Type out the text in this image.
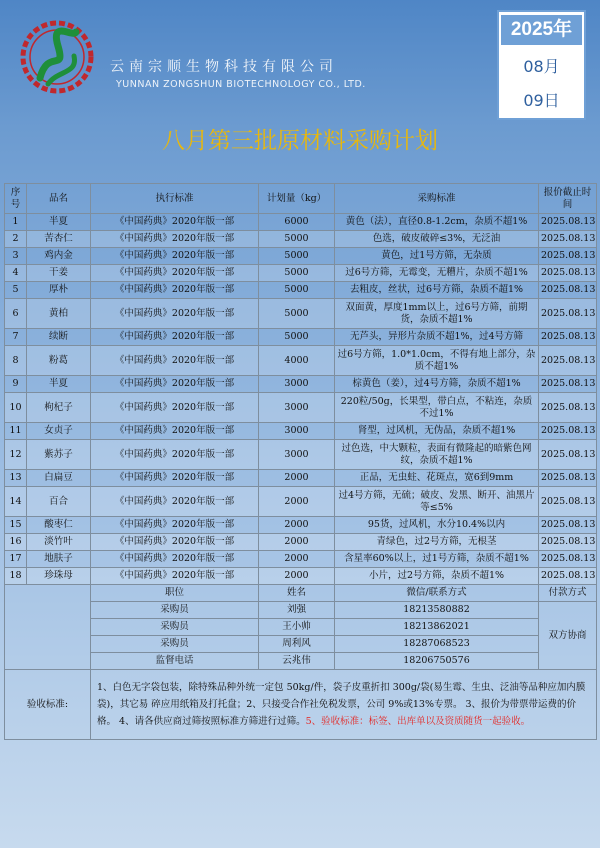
云南宗顺生物科技有限公司
YUNNAN ZONGSHUN BIOTECHNOLOGY CO., LTD.
2025年
08月
09日
八月第三批原材料采购计划
序号	品名	执行标准	计划量（kg）	采购标准	报价截止时间
1	半夏	《中国药典》2020年版一部	6000	黄色（法），直径0.8-1.2cm，杂质不超1%	2025.08.13
2	苦杏仁	《中国药典》2020年版一部	5000	色选，破皮破碎≤3%，无泛油	2025.08.13
3	鸡内金	《中国药典》2020年版一部	5000	黄色，过1号方筛，无杂质	2025.08.13
4	干姜	《中国药典》2020年版一部	5000	过6号方筛，无霉变，无糟片，杂质不超1%	2025.08.13
5	厚朴	《中国药典》2020年版一部	5000	去粗皮，丝状，过6号方筛，杂质不超1%	2025.08.13
6	黄柏	《中国药典》2020年版一部	5000	双面黄，厚度1mm以上，过6号方筛，前期货，杂质不超1%	2025.08.13
7	续断	《中国药典》2020年版一部	5000	无芦头，异形片杂质不超1%，过4号方筛	2025.08.13
8	粉葛	《中国药典》2020年版一部	4000	过6号方筛，1.0*1.0cm，不得有地上部分，杂质不超1%	2025.08.13
9	半夏	《中国药典》2020年版一部	3000	棕黄色（姜），过4号方筛，杂质不超1%	2025.08.13
10	枸杞子	《中国药典》2020年版一部	3000	220粒/50g，长果型，带白点，不粘连，杂质不过1%	2025.08.13
11	女贞子	《中国药典》2020年版一部	3000	肾型，过风机，无伪品，杂质不超1%	2025.08.13
12	紫苏子	《中国药典》2020年版一部	3000	过色选，中大颗粒，表面有微隆起的暗紫色网纹，杂质不超1%	2025.08.13
13	白扁豆	《中国药典》2020年版一部	2000	正品，无虫蛀、花斑点，宽6到9mm	2025.08.13
14	百合	《中国药典》2020年版一部	2000	过4号方筛，无硫；破皮、发黑、断开、油黑片等≤5%	2025.08.13
15	酸枣仁	《中国药典》2020年版一部	2000	95货，过风机，水分10.4%以内	2025.08.13
16	淡竹叶	《中国药典》2020年版一部	2000	青绿色，过2号方筛，无根茎	2025.08.13
17	地肤子	《中国药典》2020年版一部	2000	含星率60%以上，过1号方筛，杂质不超1%	2025.08.13
18	珍珠母	《中国药典》2020年版一部	2000	小片，过2号方筛，杂质不超1%	2025.08.13
		职位	姓名	微信/联系方式	付款方式
		采购员	刘强	18213580882	双方协商
		采购员	王小帅	18213862021	
		采购员	周利风	18287068523	
		监督电话	云兆伟	18206750576	
验收标准:		1、白色无字袋包装，除特殊品种外统一定包 50kg/件，袋子皮重折扣 300g/袋(易生霉、生虫、泛油等品种应加内膜袋)，其它易 碎应用纸箱及打托盘；2、只接受合作社免税发票，公司 9%或13%专票。 3、报价为带票带运费的价格。 4、请各供应商过筛按照标准方筛进行过筛。5、验收标准：标签、出库单以及资质随货一起验收。			
